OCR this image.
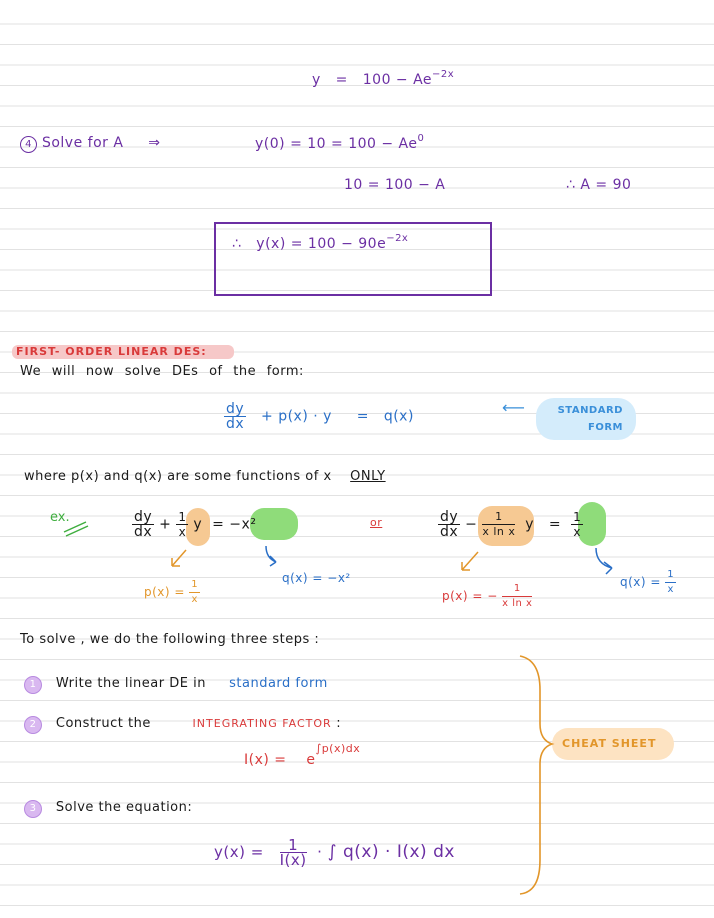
$y = 100 - Ae^{-2x}$
4 Solve for A ⇒	$y(0) = 10 = 100 - Ae^0$
10 = 100 − A	∴ A = 90
∴ $y(x) = 100 - 90e^{-2x}$
FIRST- ORDER LINEAR DES:
We will now solve DEs of the form:
$\frac{dy}{dx} + p(x) \cdot y = q(x)$	⟵	STANDARD
FORM
where p(x) and q(x) are some functions of x ONLY
ex.	$\frac{dy}{dx} + \frac{1}{x}$ y = −x²	or	$\frac{dy}{dx} - \frac{1}{\text{x ln x}}$ $y = \frac{1}{x}$
$p(x) = \frac{1}{x}$	q(x) = −x²
p(x) = − $\frac{1}{\text{x ln x}}$	$q(x) = \frac{1}{x}$
To solve , we do the following three steps :
1 Write the linear DE in standard form
2 Construct the	INTEGRATING FACTOR :
$I(x) = e^{\int p(x)dx}$
3 Solve the equation:
$y(x) = \frac{1}{I(x)}$ · ∫ q(x) · I(x) dx
CHEAT SHEET
